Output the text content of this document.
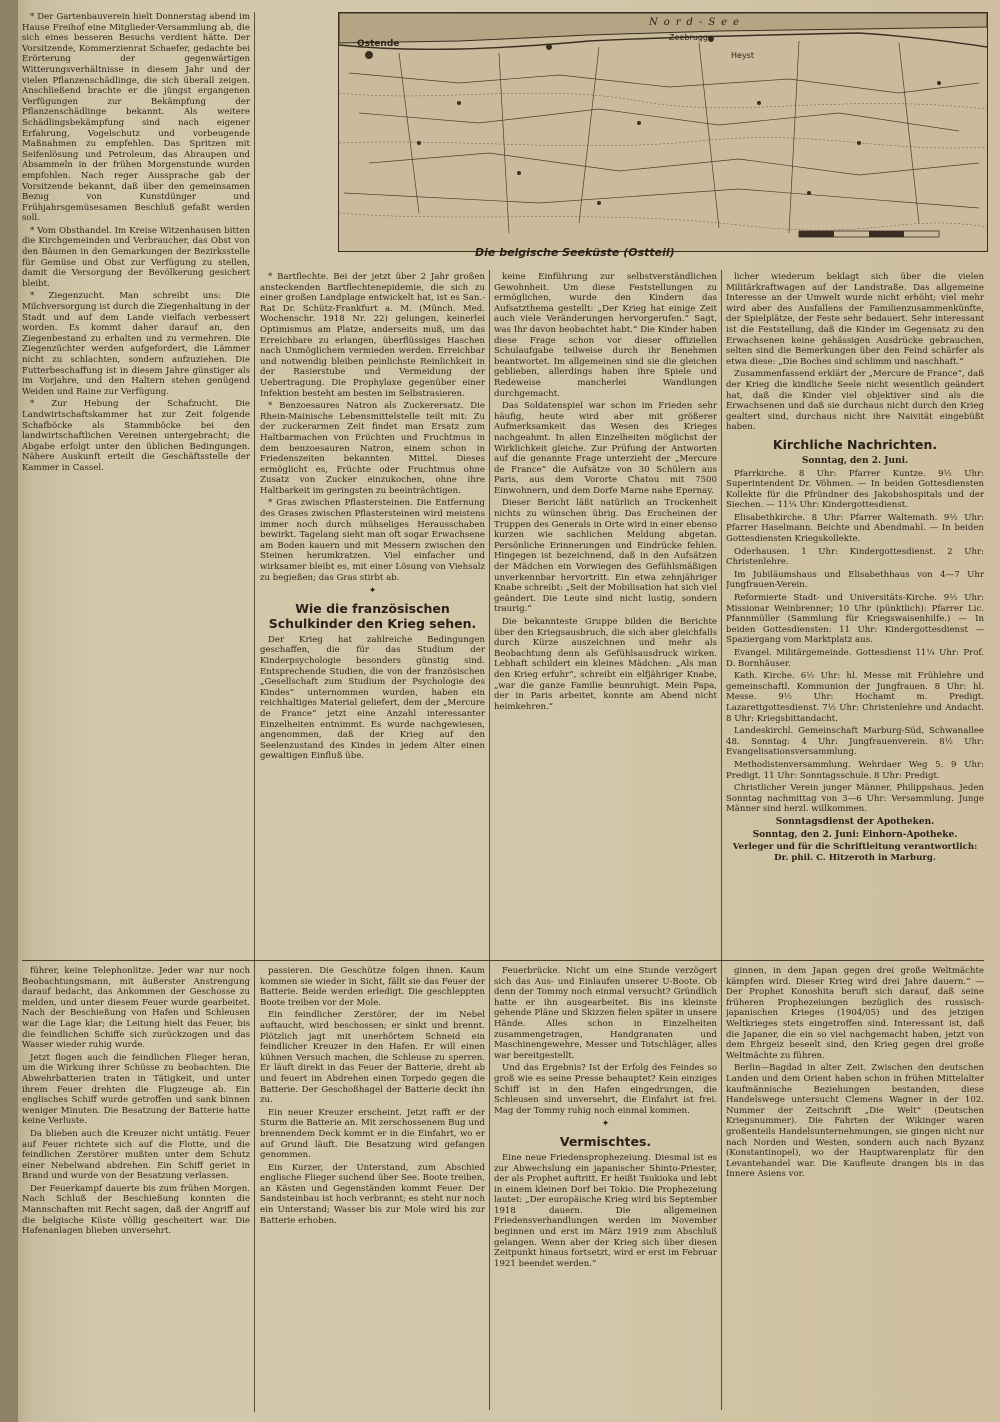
Ostende
Nord-See
Zeebrugge
Heyst
Die belgische Seeküste (Ostteil)

* Der Gartenbauverein hielt Donnerstag abend im Hause Freihof eine Mitglieder-Versammlung ab, die sich eines besseren Besuchs verdient hätte. Der Vorsitzende, Kommerzienrat Schaefer, gedachte bei Erörterung der gegenwärtigen Witterungsverhältnisse in diesem Jahr und der vielen Pflanzenschädlinge, die sich überall zeigen. Anschließend brachte er die jüngst ergangenen Verfügungen zur Bekämpfung der Pflanzenschädlinge bekannt. Als weitere Schädlingsbekämpfung sind nach eigener Erfahrung, Vogelschutz und vorbeugende Maßnahmen zu empfehlen. Das Spritzen mit Seifenlösung und Petroleum, das Abraupen und Absammeln in der frühen Morgenstunde wurden empfohlen. Nach reger Aussprache gab der Vorsitzende bekannt, daß über den gemeinsamen Bezug von Kunstdünger und Frühjahrsgemüsesamen Beschluß gefaßt werden soll.

* Vom Obsthandel. Im Kreise Witzenhausen bitten die Kirchgemeinden und Verbraucher, das Obst von den Bäumen in den Gemarkungen der Bezirksstelle für Gemüse und Obst zur Verfügung zu stellen, damit die Versorgung der Bevölkerung gesichert bleibt.

* Ziegenzucht. Man schreibt uns: Die Milchversorgung ist durch die Ziegenhaltung in der Stadt und auf dem Lande vielfach verbessert worden. Es kommt daher darauf an, den Ziegenbestand zu erhalten und zu vermehren. Die Ziegenzüchter werden aufgefordert, die Lämmer nicht zu schlachten, sondern aufzuziehen. Die Futterbeschaffung ist in diesem Jahre günstiger als im Vorjahre, und den Haltern stehen genügend Weiden und Raine zur Verfügung.

* Zur Hebung der Schafzucht. Die Landwirtschaftskammer hat zur Zeit folgende Schafböcke als Stammböcke bei den landwirtschaftlichen Vereinen untergebracht; die Abgabe erfolgt unter den üblichen Bedingungen. Nähere Auskunft erteilt die Geschäftsstelle der Kammer in Cassel.

* Bartflechte. Bei der jetzt über 2 Jahr großen ansteckenden Bartflechtenepidemie, die sich zu einer großen Landplage entwickelt hat, ist es San.-Rat Dr. Schütz-Frankfurt a. M. (Münch. Med. Wochenschr. 1918 Nr. 22) gelungen, keinerlei Optimismus am Platze, anderseits muß, um das Erreichbare zu erlangen, überflüssiges Haschen nach Unmöglichem vermieden werden. Erreichbar und notwendig bleiben peinlichste Reinlichkeit in der Rasierstube und Vermeidung der Uebertragung. Die Prophylaxe gegenüber einer Infektion besteht am besten im Selbstrasieren.

* Benzoesaures Natron als Zuckerersatz. Die Rhein-Mainische Lebensmittelstelle teilt mit: Zu der zuckerarmen Zeit findet man Ersatz zum Haltbarmachen von Früchten und Fruchtmus in dem benzoesauren Natron, einem schon in Friedenszeiten bekannten Mittel. Dieses ermöglicht es, Früchte oder Fruchtmus ohne Zusatz von Zucker einzukochen, ohne ihre Haltbarkeit im geringsten zu beeinträchtigen.

* Gras zwischen Pflastersteinen. Die Entfernung des Grases zwischen Pflastersteinen wird meistens immer noch durch mühseliges Herausschaben bewirkt. Tagelang sieht man oft sogar Erwachsene am Boden kauern und mit Messern zwischen den Steinen herumkratzen. Viel einfacher und wirksamer bleibt es, mit einer Lösung von Viehsalz zu begießen; das Gras stirbt ab.

✦
Wie die französischen Schulkinder den Krieg sehen.

Der Krieg hat zahlreiche Bedingungen geschaffen, die für das Studium der Kinderpsychologie besonders günstig sind. Entsprechende Studien, die von der französischen „Gesellschaft zum Studium der Psychologie des Kindes“ unternommen wurden, haben ein reichhaltiges Material geliefert, dem der „Mercure de France“ jetzt eine Anzahl interessanter Einzelheiten entnimmt. Es wurde nachgewiesen, angenommen, daß der Krieg auf den Seelenzustand des Kindes in jedem Alter einen gewaltigen Einfluß übe.

keine Einführung zur selbstverständlichen Gewohnheit. Um diese Feststellungen zu ermöglichen, wurde den Kindern das Aufsatzthema gestellt: „Der Krieg hat einige Zeit auch viele Veränderungen hervorgerufen.“ Sagt, was Ihr davon beobachtet habt.“ Die Kinder haben diese Frage schon vor dieser offiziellen Schulaufgabe teilweise durch ihr Benehmen beantwortet. Im allgemeinen sind sie die gleichen geblieben, allerdings haben ihre Spiele und Redeweise mancherlei Wandlungen durchgemacht.

Das Soldatenspiel war schon im Frieden sehr häufig, heute wird aber mit größerer Aufmerksamkeit das Wesen des Krieges nachgeahmt. In allen Einzelheiten möglichst der Wirklichkeit gleiche. Zur Prüfung der Antworten auf die genannte Frage unterzieht der „Mercure de France“ die Aufsätze von 30 Schülern aus Paris, aus dem Vororte Chatou mit 7500 Einwohnern, und dem Dorfe Marne nahe Epernay.

Dieser Bericht läßt natürlich an Trockenheit nichts zu wünschen übrig. Das Erscheinen der Truppen des Generals in Orte wird in einer ebenso kurzen wie sachlichen Meldung abgetan. Persönliche Erinnerungen und Eindrücke fehlen. Hingegen ist bezeichnend, daß in den Aufsätzen der Mädchen ein Vorwiegen des Gefühlsmäßigen unverkennbar hervortritt. Ein etwa zehnjähriger Knabe schreibt: „Seit der Mobilisation hat sich viel geändert. Die Leute sind nicht lustig, sondern traurig.“

Die bekannteste Gruppe bilden die Berichte über den Kriegsausbruch, die sich aber gleichfalls durch Kürze auszeichnen und mehr als Beobachtung denn als Gefühlsausdruck wirken. Lebhaft schildert ein kleines Mädchen: „Als man den Krieg erfuhr“, schreibt ein elfjähriger Knabe, „war die ganze Familie beunruhigt. Mein Papa, der in Paris arbeitet, konnte am Abend nicht heimkehren.“

licher wiederum beklagt sich über die vielen Militärkraftwagen auf der Landstraße. Das allgemeine Interesse an der Umwelt wurde nicht erhöht; viel mehr wird aber des Ausfallens der Familienzusammenkünfte, der Spielplätze, der Feste sehr bedauert. Sehr interessant ist die Feststellung, daß die Kinder im Gegensatz zu den Erwachsenen keine gehässigen Ausdrücke gebrauchen, selten sind die Bemerkungen über den Feind schärfer als etwa diese: „Die Boches sind schlimm und naschhaft.“

Zusammenfassend erklärt der „Mercure de France“, daß der Krieg die kindliche Seele nicht wesentlich geändert hat, daß die Kinder viel objektiver sind als die Erwachsenen und daß sie durchaus nicht durch den Krieg gealtert sind, durchaus nicht ihre Naivität eingebüßt haben.

Kirchliche Nachrichten.
Sonntag, den 2. Juni.

Pfarrkirche. 8 Uhr: Pfarrer Kuntze. 9½ Uhr: Superintendent Dr. Vöhmen. — In beiden Gottesdiensten Kollekte für die Pfründner des Jakobshospitals und der Siechen. — 11¼ Uhr: Kindergottesdienst.

Elisabethkirche. 8 Uhr: Pfarrer Waltemath. 9½ Uhr: Pfarrer Haselmann. Beichte und Abendmahl. — In beiden Gottesdiensten Kriegskollekte.

Oderhausen. 1 Uhr: Kindergottesdienst. 2 Uhr: Christenlehre.

Im Jubiläumshaus und Elisabethhaus von 4—7 Uhr Jungfrauen-Verein.

Reformierte Stadt- und Universitäts-Kirche. 9½ Uhr: Missionar Weinbrenner; 10 Uhr (pünktlich): Pfarrer Lic. Pfannmüller (Sammlung für Kriegswaisenhilfe.) — In beiden Gottesdiensten: 11 Uhr: Kindergottesdienst — Spaziergang vom Marktplatz aus.

Evangel. Militärgemeinde. Gottesdienst 11¼ Uhr: Prof. D. Bornhäuser.

Kath. Kirche. 6½ Uhr: hl. Messe mit Frühlehre und gemeinschaftl. Kommunion der Jungfrauen. 8 Uhr: hl. Messe. 9½ Uhr: Hochamt m. Predigt. Lazarettgottesdienst. 7½ Uhr: Christenlehre und Andacht. 8 Uhr: Kriegsbittandacht.

Landeskirchl. Gemeinschaft Marburg-Süd, Schwanallee 48. Sonntag: 4 Uhr: Jungfrauenverein. 8½ Uhr: Evangelisationsversammlung.

Methodistenversammlung. Wehrdaer Weg 5. 9 Uhr: Predigt. 11 Uhr: Sonntagsschule. 8 Uhr: Predigt.

Christlicher Verein junger Männer, Philippshaus. Jeden Sonntag nachmittag von 3—6 Uhr: Versammlung. Junge Männer sind herzl. willkommen.

Sonntagsdienst der Apotheken.
Sonntag, den 2. Juni: Einhorn-Apotheke.
Verleger und für die Schriftleitung verantwortlich: Dr. phil. C. Hitzeroth in Marburg.

führer, keine Telephonlitze. Jeder war nur noch Beobachtungsmann, mit äußerster Anstrengung darauf bedacht, das Ankommen der Geschosse zu melden, und unter diesem Feuer wurde gearbeitet. Nach der Beschießung von Hafen und Schleusen war die Lage klar; die Leitung hielt das Feuer, bis die feindlichen Schiffe sich zurückzogen und das Wasser wieder ruhig wurde.

Jetzt flogen auch die feindlichen Flieger heran, um die Wirkung ihrer Schüsse zu beobachten. Die Abwehrbatterien traten in Tätigkeit, und unter ihrem Feuer drehten die Flugzeuge ab. Ein englisches Schiff wurde getroffen und sank binnen weniger Minuten. Die Besatzung der Batterie hatte keine Verluste.

Da blieben auch die Kreuzer nicht untätig. Feuer auf Feuer richtete sich auf die Flotte, und die feindlichen Zerstörer mußten unter dem Schutz einer Nebelwand abdrehen. Ein Schiff geriet in Brand und wurde von der Besatzung verlassen.

Der Feuerkampf dauerte bis zum frühen Morgen. Nach Schluß der Beschießung konnten die Mannschaften mit Recht sagen, daß der Angriff auf die belgische Küste völlig gescheitert war. Die Hafenanlagen blieben unversehrt.

passieren. Die Geschütze folgen ihnen. Kaum kommen sie wieder in Sicht, fällt sie das Feuer der Batterie. Beide werden erledigt. Die geschleppten Boote treiben vor der Mole.

Ein feindlicher Zerstörer, der im Nebel auftaucht, wird beschossen; er sinkt und brennt. Plötzlich jagt mit unerhörtem Schneid ein feindlicher Kreuzer in den Hafen. Er will einen kühnen Versuch machen, die Schleuse zu sperren. Er läuft direkt in das Feuer der Batterie, dreht ab und feuert im Abdrehen einen Torpedo gegen die Batterie. Der Geschoßhagel der Batterie deckt ihn zu.

Ein neuer Kreuzer erscheint. Jetzt rafft er der Sturm die Batterie an. Mit zerschossenem Bug und brennendem Deck kommt er in die Einfahrt, wo er auf Grund läuft. Die Besatzung wird gefangen genommen.

Ein Kurzer, der Unterstand, zum Abschied englische Flieger suchend über See. Boote treiben, an Kästen und Gegenständen kommt Feuer. Der Sandsteinbau ist hoch verbrannt; es steht nur noch ein Unterstand; Wasser bis zur Mole wird bis zur Batterie erhoben.

Feuerbrücke. Nicht um eine Stunde verzögert sich das Aus- und Einlaufen unserer U-Boote. Ob denn der Tommy noch einmal versucht? Gründlich hatte er ihn ausgearbeitet. Bis ins kleinste gehende Pläne und Skizzen fielen später in unsere Hände. Alles schon in Einzelheiten zusammengetragen, Handgranaten und Maschinengewehre, Messer und Totschläger, alles war bereitgestellt.

Und das Ergebnis? Ist der Erfolg des Feindes so groß wie es seine Presse behauptet? Kein einziges Schiff ist in den Hafen eingedrungen, die Schleusen sind unversehrt, die Einfahrt ist frei. Mag der Tommy ruhig noch einmal kommen.

✦
Vermischtes.

Eine neue Friedensprophezeiung. Diesmal ist es zur Abwechslung ein japanischer Shinto-Priester, der als Prophet auftritt. Er heißt Tsukioka und lebt in einem kleinen Dorf bei Tokio. Die Prophezeiung lautet: „Der europäische Krieg wird bis September 1918 dauern. Die allgemeinen Friedensverhandlungen werden im November beginnen und erst im März 1919 zum Abschluß gelangen. Wenn aber der Krieg sich über diesen Zeitpunkt hinaus fortsetzt, wird er erst im Februar 1921 beendet werden.“

ginnen, in dem Japan gegen drei große Weltmächte kämpfen wird. Dieser Krieg wird drei Jahre dauern.“ — Der Prophet Konoshita beruft sich darauf, daß seine früheren Prophezeiungen bezüglich des russisch-japanischen Krieges (1904/05) und des jetzigen Weltkrieges stets eingetroffen sind. Interessant ist, daß die Japaner, die ein so viel nachgemacht haben, jetzt von dem Ehrgeiz beseelt sind, den Krieg gegen drei große Weltmächte zu führen.

Berlin—Bagdad in alter Zeit. Zwischen den deutschen Landen und dem Orient haben schon in frühen Mittelalter kaufmännische Beziehungen bestanden, diese Handelswege untersucht Clemens Wagner in der 102. Nummer der Zeitschrift „Die Welt“ (Deutschen Kriegsnummer). Die Fahrten der Wikinger waren großenteils Handelsunternehmungen, sie gingen nicht nur nach Norden und Westen, sondern auch nach Byzanz (Konstantinopel), wo der Hauptwarenplatz für den Levantehandel war. Die Kaufleute drangen bis in das Innere Asiens vor.
